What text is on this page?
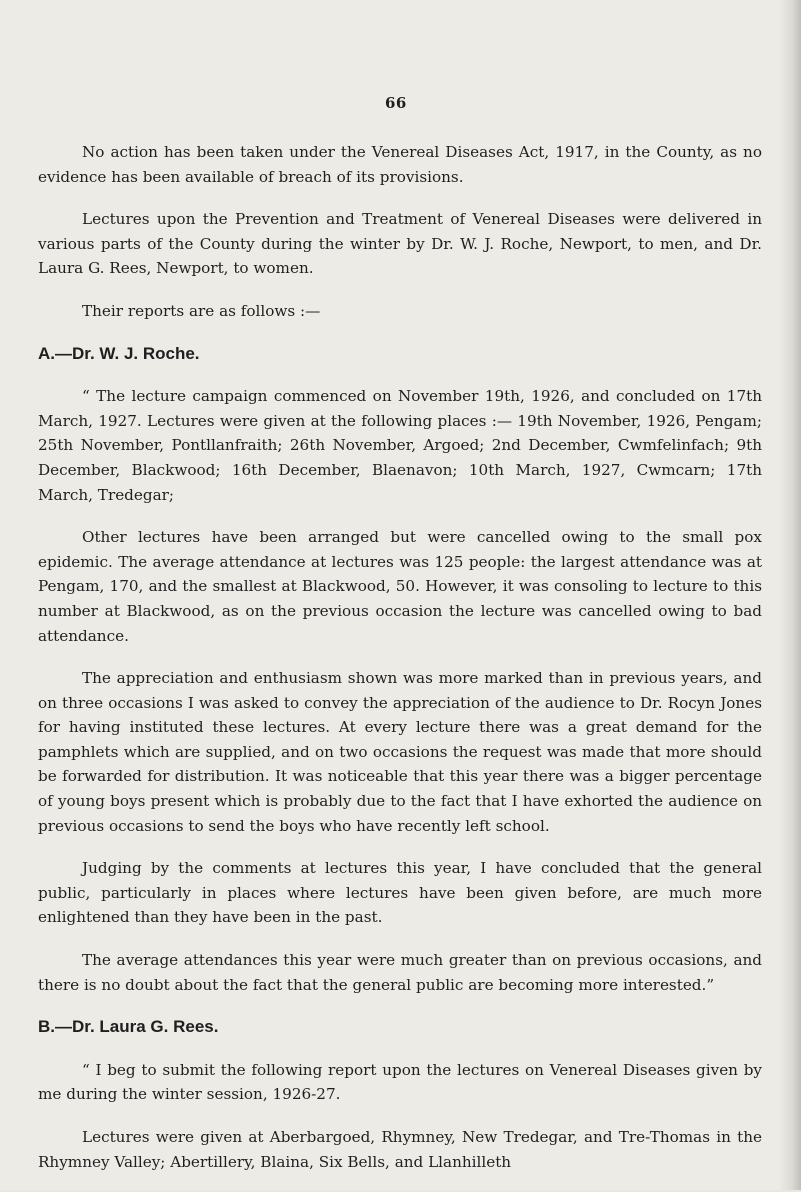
66

No action has been taken under the Venereal Diseases Act, 1917, in the County, as no evidence has been available of breach of its provisions.

Lectures upon the Prevention and Treatment of Venereal Diseases were delivered in various parts of the County during the winter by Dr. W. J. Roche, Newport, to men, and Dr. Laura G. Rees, Newport, to women.

Their reports are as follows :—

A.—Dr. W. J. Roche.

“ The lecture campaign commenced on November 19th, 1926, and concluded on 17th March, 1927. Lectures were given at the following places :— 19th November, 1926, Pengam; 25th November, Pontllanfraith; 26th November, Argoed; 2nd December, Cwmfelinfach; 9th December, Blackwood; 16th December, Blaenavon; 10th March, 1927, Cwmcarn; 17th March, Tredegar;

Other lectures have been arranged but were cancelled owing to the small pox epidemic. The average attendance at lectures was 125 people: the largest attendance was at Pengam, 170, and the smallest at Blackwood, 50. However, it was consoling to lecture to this number at Blackwood, as on the previous occasion the lecture was cancelled owing to bad attendance.

The appreciation and enthusiasm shown was more marked than in previous years, and on three occasions I was asked to convey the appreciation of the audience to Dr. Rocyn Jones for having instituted these lectures. At every lecture there was a great demand for the pamphlets which are supplied, and on two occasions the request was made that more should be forwarded for distribution. It was noticeable that this year there was a bigger percentage of young boys present which is probably due to the fact that I have exhorted the audience on previous occasions to send the boys who have recently left school.

Judging by the comments at lectures this year, I have concluded that the general public, particularly in places where lectures have been given before, are much more enlightened than they have been in the past.

The average attendances this year were much greater than on previous occasions, and there is no doubt about the fact that the general public are becoming more interested.”

B.—Dr. Laura G. Rees.

“ I beg to submit the following report upon the lectures on Venereal Diseases given by me during the winter session, 1926-27.

Lectures were given at Aberbargoed, Rhymney, New Tredegar, and Tre-Thomas in the Rhymney Valley; Abertillery, Blaina, Six Bells, and Llanhilleth
